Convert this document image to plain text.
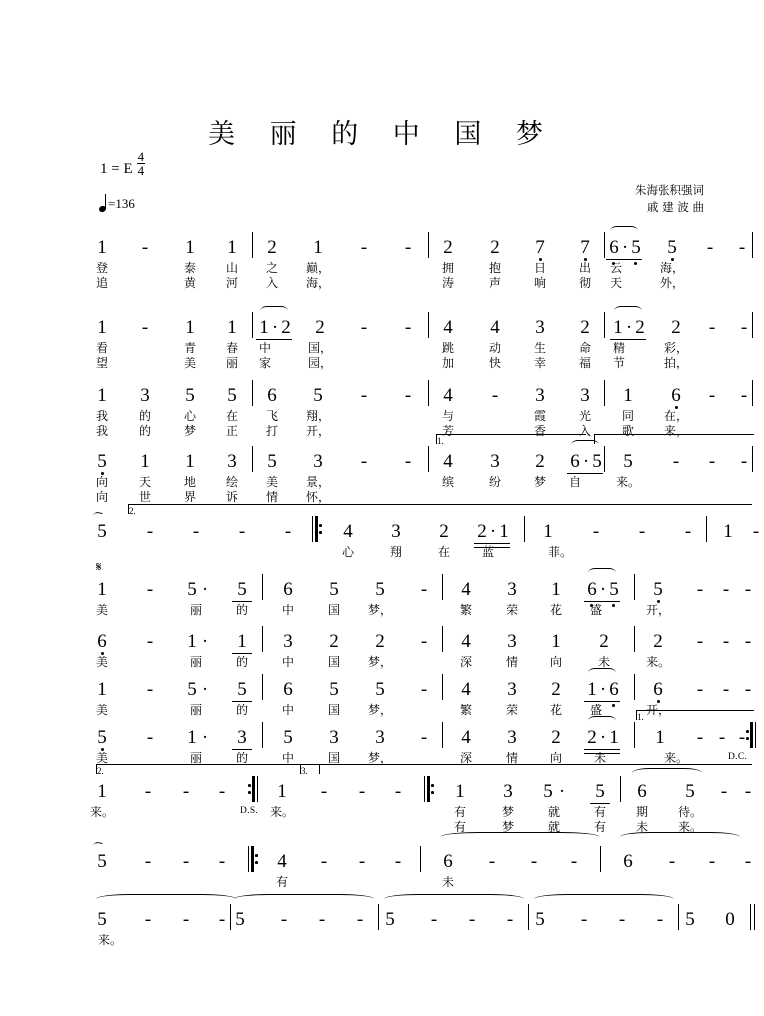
美 丽 的 中 国 梦
1 = E $\frac{4}{4}$
=136
朱海张积强词
戚 建 波 曲
1
登
追
- 1
泰
黄
1
山
河
2
之
入
1
巅，
海，
- - 2
拥
涛
2
抱
声
7
日
响
7
出
彻
6 · 5
云
天
5
海，
外，
- -
1
看
望
- 1
青
美
1
春
丽
1 · 2
中
家
2
国，
园，
- - 4
跳
加
4
动
快
3
生
幸
2
命
福
1 · 2
精
节
2
彩，
拍，
- -
1
我
我
3
的
的
5
心
梦
5
在
正
6
飞
打
5
翔，
开，
- - 4
与
芳
- 3
霞
香
3
光
入
1
同
歌
6
在，
来，
- -
1.
5
向
向
1
天
世
1
地
界
3
绘
诉
5
美
情
3
景，
怀，
- - 4
缤
3
纷
2
梦
6 · 5
自
5
来。
- - -
2.
5 - - - -	4
心
3
翔
2
在
2 · 1
蓝
1
菲。
- - - 1 -
𝄋
1
美
- 5 ·
丽
5
的
6
中
5
国
5
梦，
- 4
繁
3
荣
1
花
6 · 5
盛
5
开，
- - -
6
美
- 1 ·
丽
1
的
3
中
2
国
2
梦，
- 4
深
3
情
1
向
2
未
2
来。
- - -
1
美
- 5 ·
丽
5
的
6
中
5
国
5
梦，
- 4
繁
3
荣
2
花
1 · 6
盛
6
开，
- - -
1.
5
美
- 1 ·
丽
3
的
5
中
3
国
3
梦，
- 4
深
3
情
2
向
2 · 1
未
1
来。
- - -
D.C.
2.	3.
1
来。
- - -
D.S.
1
来。
- - -	1
有
有
3
梦
梦
5 ·
就
就
5
有
有
6
期
未
5
待。
来。
- -
5 - - -	4
有
- - - 6
未
- - - 6 - - -
5 - - - 5 - - - 5 - - - 5 - - -
来。
5 0
